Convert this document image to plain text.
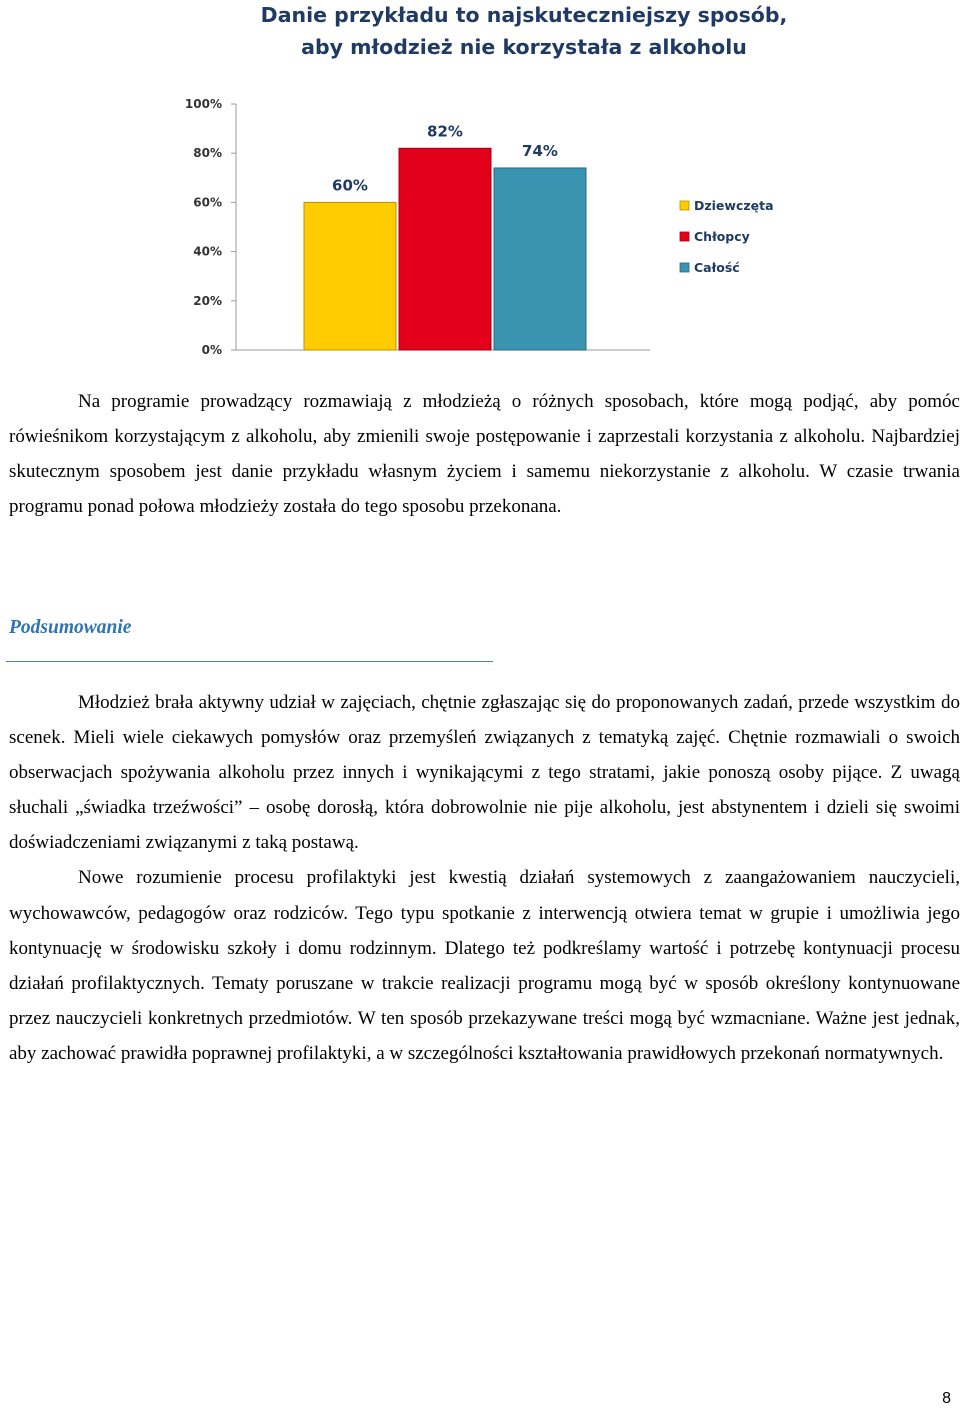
Danie przykładu to najskuteczniejszy sposób,
aby młodzież nie korzystała z alkoholu
0%
20%
40%
60%
80%
100%
60%
82%
74%
Dziewczęta
Chłopcy
Całość

Na programie prowadzący rozmawiają z młodzieżą o różnych sposobach, które mogą podjąć, aby pomóc rówieśnikom korzystającym z alkoholu, aby zmienili swoje postępowanie i zaprzestali korzystania z alkoholu. Najbardziej skutecznym sposobem jest danie przykładu własnym życiem i samemu niekorzystanie z alkoholu. W czasie trwania programu ponad połowa młodzieży została do tego sposobu przekonana.

Podsumowanie

Młodzież brała aktywny udział w zajęciach, chętnie zgłaszając się do proponowanych zadań, przede wszystkim do scenek. Mieli wiele ciekawych pomysłów oraz przemyśleń związanych z tematyką zajęć. Chętnie rozmawiali o swoich obserwacjach spożywania alkoholu przez innych i wynikającymi z tego stratami, jakie ponoszą osoby pijące. Z uwagą słuchali „świadka trzeźwości” – osobę dorosłą, która dobrowolnie nie pije alkoholu, jest abstynentem i dzieli się swoimi doświadczeniami związanymi z taką postawą.

Nowe rozumienie procesu profilaktyki jest kwestią działań systemowych z zaangażowaniem nauczycieli, wychowawców, pedagogów oraz rodziców. Tego typu spotkanie z interwencją otwiera temat w grupie i umożliwia jego kontynuację w środowisku szkoły i domu rodzinnym. Dlatego też podkreślamy wartość i potrzebę kontynuacji procesu działań profilaktycznych. Tematy poruszane w trakcie realizacji programu mogą być w sposób określony kontynuowane przez nauczycieli konkretnych przedmiotów. W ten sposób przekazywane treści mogą być wzmacniane. Ważne jest jednak, aby zachować prawidła poprawnej profilaktyki, a w szczególności kształtowania prawidłowych przekonań normatywnych.

8
